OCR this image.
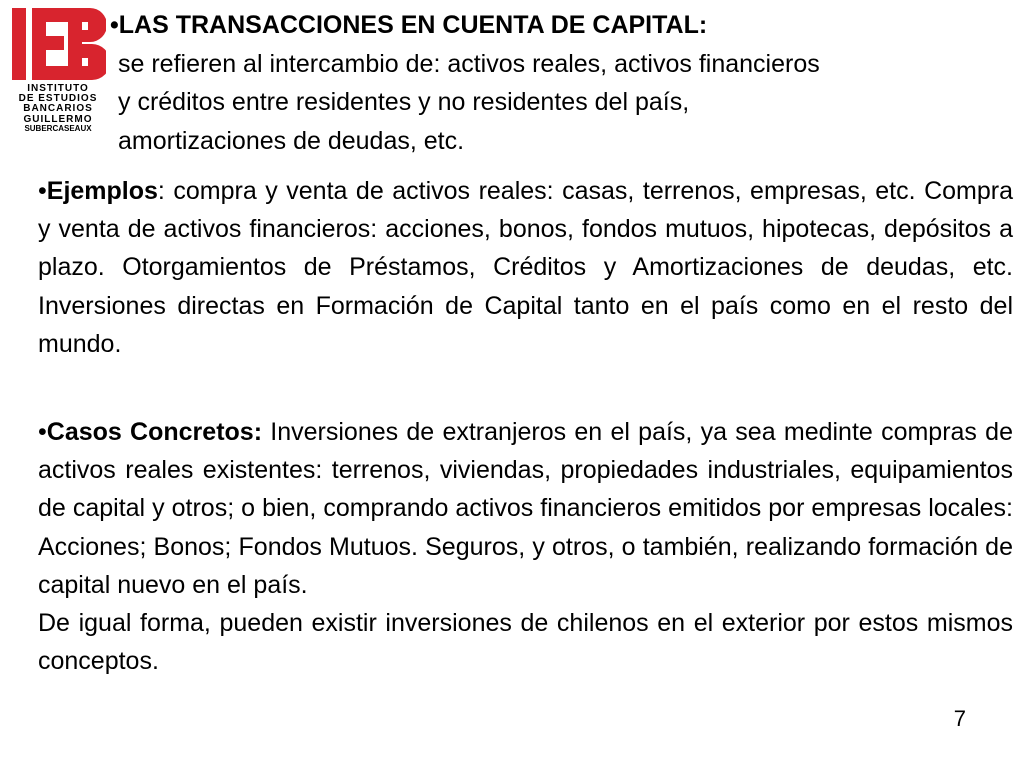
INSTITUTO
DE ESTUDIOS
BANCARIOS
GUILLERMO
SUBERCASEAUX
•LAS TRANSACCIONES EN CUENTA DE CAPITAL:
se refieren al intercambio de: activos reales, activos financieros
y créditos entre residentes y no residentes del país,
amortizaciones de deudas, etc.
•Ejemplos: compra y venta de activos reales: casas, terrenos, empresas, etc. Compra y venta de activos financieros: acciones, bonos, fondos mutuos, hipotecas, depósitos a plazo. Otorgamientos de Préstamos, Créditos y Amortizaciones de deudas, etc. Inversiones directas en Formación de Capital tanto en el país como en el resto del mundo.
•Casos Concretos: Inversiones de extranjeros en el país, ya sea medinte compras de activos reales existentes: terrenos, viviendas, propiedades industriales, equipamientos de capital y otros; o bien, comprando activos financieros emitidos por empresas locales: Acciones; Bonos; Fondos Mutuos. Seguros, y otros, o también, realizando formación de capital nuevo en el país.
De igual forma, pueden existir inversiones de chilenos en el exterior por estos mismos conceptos.
7
